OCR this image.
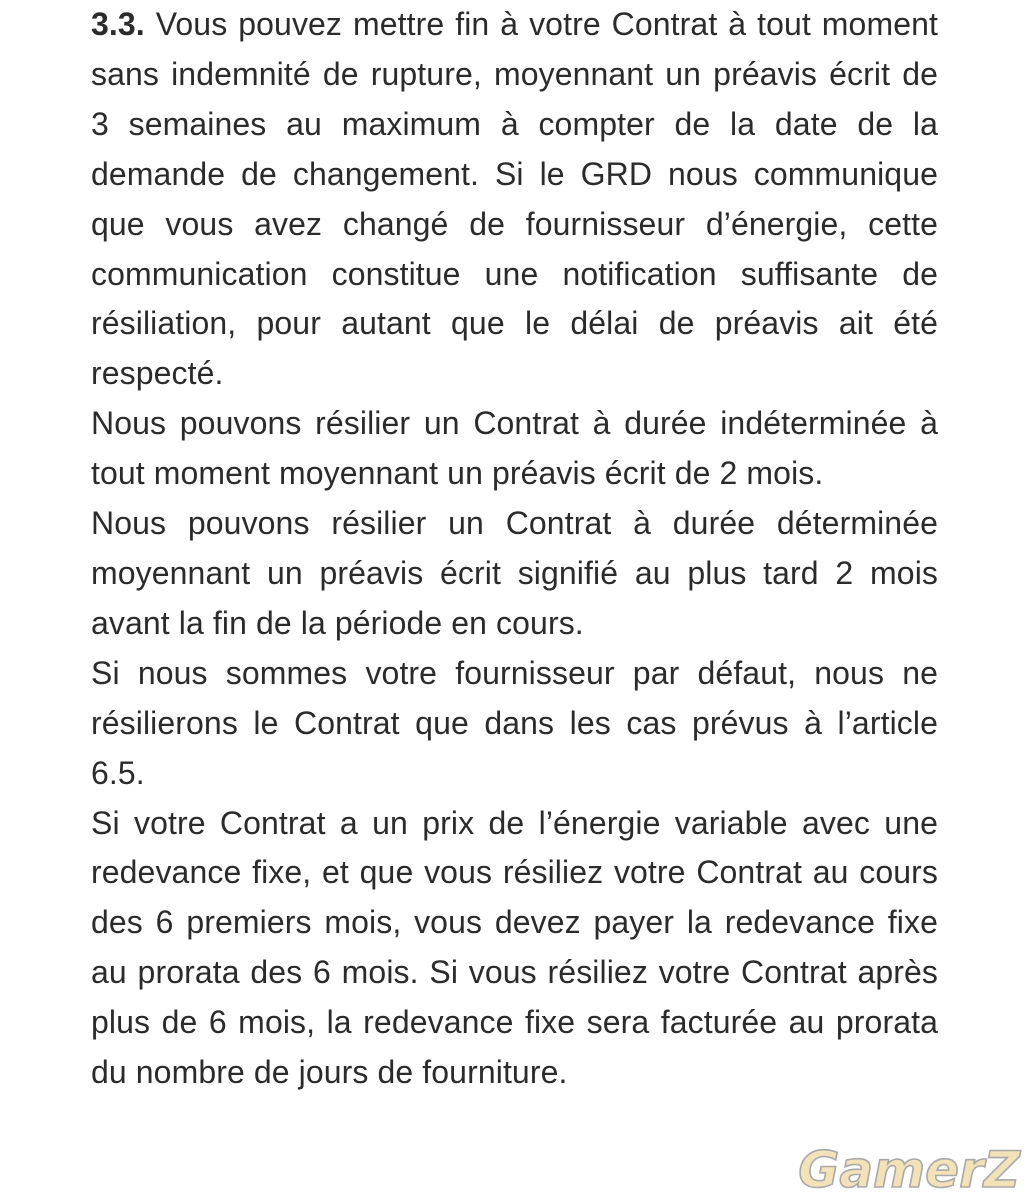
3.3. Vous pouvez mettre fin à votre Contrat à tout moment sans indemnité de rupture, moyennant un préavis écrit de 3 semaines au maximum à compter de la date de la demande de changement. Si le GRD nous communique que vous avez changé de fournisseur d’énergie, cette communication constitue une notification suffisante de résiliation, pour autant que le délai de préavis ait été respecté.

Nous pouvons résilier un Contrat à durée indéterminée à tout moment moyennant un préavis écrit de 2 mois.

Nous pouvons résilier un Contrat à durée déterminée moyennant un préavis écrit signifié au plus tard 2 mois avant la fin de la période en cours.

Si nous sommes votre fournisseur par défaut, nous ne résilierons le Contrat que dans les cas prévus à l’article 6.5.

Si votre Contrat a un prix de l’énergie variable avec une redevance fixe, et que vous résiliez votre Contrat au cours des 6 premiers mois, vous devez payer la redevance fixe au prorata des 6 mois. Si vous résiliez votre Contrat après plus de 6 mois, la redevance fixe sera facturée au prorata du nombre de jours de fourniture.

GamerZ
